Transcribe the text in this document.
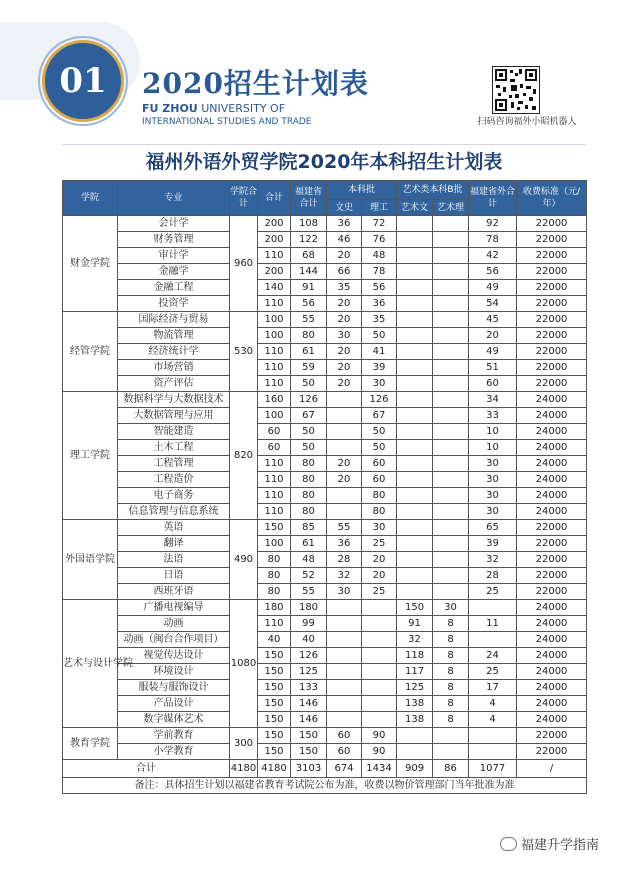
01	2020招生计划表
FU ZHOU UNIVERSITY OF
INTERNATIONAL STUDIES AND TRADE	扫码咨询福外小昭机器人
福州外语外贸学院2020年本科招生计划表
学院	专业	学院合计	合计	福建省合计	本科批		艺术类本科B批		福建省外合计	收费标准（元/年）
					文史	理工	艺术文	艺术理		
财金学院	会计学	960	200	108	36	72			92	22000
	财务管理		200	122	46	76			78	22000
	审计学		110	68	20	48			42	22000
	金融学		200	144	66	78			56	22000
	金融工程		140	91	35	56			49	22000
	投资学		110	56	20	36			54	22000
经管学院	国际经济与贸易	530	100	55	20	35			45	22000
	物流管理		100	80	30	50			20	22000
	经济统计学		110	61	20	41			49	22000
	市场营销		110	59	20	39			51	22000
	资产评估		110	50	20	30			60	22000
理工学院	数据科学与大数据技术	820	160	126		126			34	24000
	大数据管理与应用		100	67		67			33	24000
	智能建造		60	50		50			10	24000
	土木工程		60	50		50			10	24000
	工程管理		110	80	20	60			30	24000
	工程造价		110	80	20	60			30	24000
	电子商务		110	80		80			30	24000
	信息管理与信息系统		110	80		80			30	24000
外国语学院	英语	490	150	85	55	30			65	22000
	翻译		100	61	36	25			39	22000
	法语		80	48	28	20			32	22000
	日语		80	52	32	20			28	22000
	西班牙语		80	55	30	25			25	22000
艺术与设计学院	广播电视编导	1080	180	180			150	30		24000
	动画		110	99			91	8	11	24000
	动画（闽台合作项目）		40	40			32	8		24000
	视觉传达设计		150	126			118	8	24	24000
	环境设计		150	125			117	8	25	24000
	服装与服饰设计		150	133			125	8	17	24000
	产品设计		150	146			138	8	4	24000
	数字媒体艺术		150	146			138	8	4	24000
教育学院	学前教育	300	150	150	60	90				22000
	小学教育		150	150	60	90				22000
合计		4180	4180	3103	674	1434	909	86	1077	/
备注：具体招生计划以福建省教育考试院公布为准，收费以物价管理部门当年批准为准										
福建升学指南
